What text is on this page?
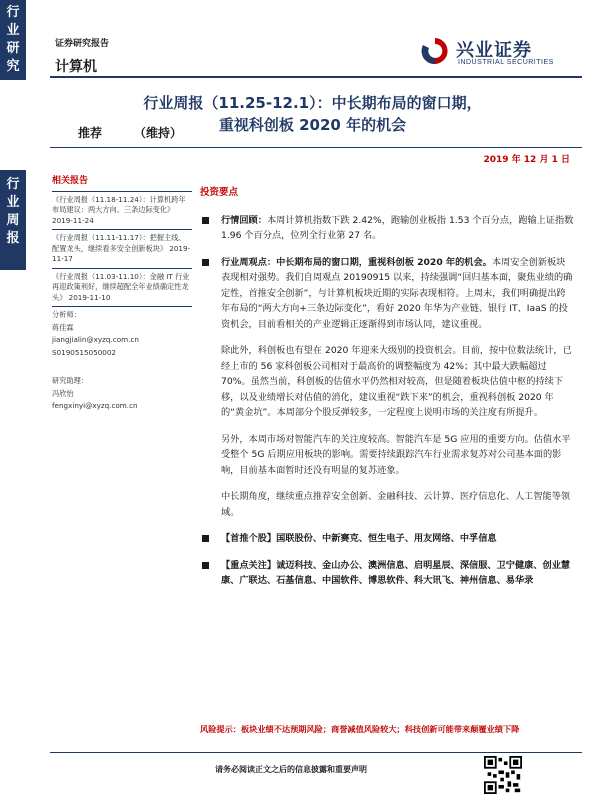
行
业
研
究
行
业
周
报
证券研究报告
计算机
兴业证券
INDUSTRIAL SECURITIES
行业周报（11.25-12.1）：中长期布局的窗口期，
重视科创板 2020 年的机会
推荐	（维持）
2019 年 12 月 1 日
相关报告
《行业周报（11.18-11.24）：计算机跨年布局建议：两大方向、三条边际变化》 2019-11-24
《行业周报（11.11-11.17）：把握主线、配置龙头，继续看多安全创新板块》 2019-11-17
《行业周报（11.03-11.10）：金融 IT 行业再迎政策利好，继续超配全年业绩确定性龙头》 2019-11-10
分析师：
蒋佳霖
jiangjialin@xyzq.com.cn
S0190515050002
研究助理：
冯欣怡
fengxinyi@xyzq.com.cn
投资要点
行情回顾：本周计算机指数下跌 2.42%，跑输创业板指 1.53 个百分点，跑输上证指数 1.96 个百分点，位列全行业第 27 名。
行业周观点：中长期布局的窗口期，重视科创板 2020 年的机会。本周安全创新板块表现相对强势。我们自周观点 20190915 以来，持续强调“回归基本面，聚焦业绩的确定性，首推安全创新”，与计算机板块近期的实际表现相符。上周末，我们明确提出跨年布局的“两大方向+三条边际变化”，看好 2020 年华为产业链、银行 IT、IaaS 的投资机会，目前看相关的产业逻辑正逐渐得到市场认同，建议重视。
除此外，科创板也有望在 2020 年迎来大级别的投资机会。目前，按中位数法统计，已经上市的 56 家科创板公司相对于最高价的调整幅度为 42%；其中最大跌幅超过 70%。虽然当前，科创板的估值水平仍然相对较高，但是随着板块估值中枢的持续下移，以及业绩增长对估值的消化，建议重视“跌下来”的机会，重视科创板 2020 年的“黄金坑”。本周部分个股反弹较多，一定程度上说明市场的关注度有所提升。
另外，本周市场对智能汽车的关注度较高。智能汽车是 5G 应用的重要方向。估值水平受整个 5G 后期应用板块的影响。需要持续跟踪汽车行业需求复苏对公司基本面的影响，目前基本面暂时还没有明显的复苏迹象。
中长期角度，继续重点推荐安全创新、金融科技、云计算、医疗信息化、人工智能等领域。
【首推个股】国联股份、中新赛克、恒生电子、用友网络、中孚信息
【重点关注】诚迈科技、金山办公、澳洲信息、启明星辰、深信服、卫宁健康、创业慧康、广联达、石基信息、中国软件、博思软件、科大讯飞、神州信息、易华录
风险提示：板块业绩不达预期风险；商誉减值风险较大；科技创新可能带来颠覆业绩下降
请务必阅读正文之后的信息披露和重要声明
